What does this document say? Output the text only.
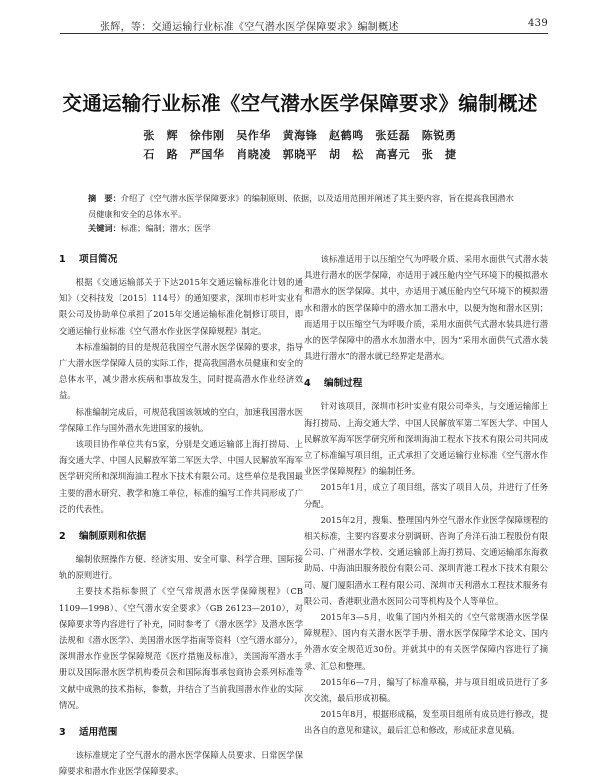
张辉，等：交通运输行业标准《空气潜水医学保障要求》编制概述	439
交通运输行业标准《空气潜水医学保障要求》编制概述
张　辉　徐伟刚　吴作华　黄海锋　赵鹤鸣　张廷磊　陈锐勇
石　路　严国华　肖晓凌　郭晓平　胡　松　高喜元　张　捷
摘　要：介绍了《空气潜水医学保障要求》的编制原则、依据，以及适用范围并阐述了其主要内容，旨在提高我国潜水员健康和安全的总体水平。
关键词：标准；编制；潜水；医学
1 项目简况

根据《交通运输部关于下达2015年交通运输标准化计划的通知》（交科技发〔2015〕114号）的通知要求，深圳市杉叶实业有限公司及协助单位承担了2015年交通运输标准化制修订项目，即交通运输行业标准《空气潜水作业医学保障规程》制定。

本标准编制的目的是规范我国空气潜水医学保障的要求，指导广大潜水医学保障人员的实际工作，提高我国潜水员健康和安全的总体水平，减少潜水疾病和事故发生，同时提高潜水作业经济效益。

标准编制完成后，可规范我国该领域的空白，加速我国潜水医学保障工作与国外潜水先进国家的接轨。

该项目协作单位共有5家，分别是交通运输部上海打捞局、上海交通大学、中国人民解放军第二军医大学、中国人民解放军海军医学研究所和深圳海油工程水下技术有限公司。这些单位是我国最主要的潜水研究、教学和施工单位，标准的编写工作共同形成了广泛的代表性。

2 编制原则和依据

编制依照操作方便、经济实用、安全可靠、科学合理、国际接轨的原则进行。

主要技术指标参照了《空气常规潜水医学保障规程》（CB 1109—1998）、《空气潜水安全要求》（GB 26123—2010），对保障要求等内容进行了补充，同时参考了《潜水医学》及潜水医学法规和《潜水医学》、美国潜水医学指南等资料（空气潜水部分），深圳潜水作业医学保障规范《医疗措施及标准》，美国海军潜水手册以及国际潜水医学机构委员会和国际海事承包商协会系列标准等文献中成熟的技术指标，参数，并结合了当前我国潜水作业的实际情况。

3 适用范围

该标准规定了空气潜水的潜水医学保障人员要求、日常医学保障要求和潜水作业医学保障要求。

该标准适用于以压缩空气为呼吸介质、采用水面供气式潜水装具进行潜水的医学保障，亦适用于减压舱内空气环境下的模拟潜水和潜水的医学保障。其中，亦适用于减压舱内空气环境下的模拟潜水和潜水的医学保障中的潜水加工潜水中，以便为饱和潜水区别；而适用于以压缩空气为呼吸介质，采用水面供气式潜水装具进行潜水的医学保障中的潜水水加潜水中，因为“采用水面供气式潜水装具进行潜水”的潜水就已经界定是潜水。

4 编制过程

针对该项目，深圳市杉叶实业有限公司牵头，与交通运输部上海打捞局、上海交通大学、中国人民解放军第二军医大学、中国人民解放军海军医学研究所和深圳海油工程水下技术有限公司共同成立了标准编写项目组，正式承担了交通运输行业标准《空气潜水作业医学保障规程》的编制任务。

2015年1月，成立了项目组，落实了项目人员，并进行了任务分配。

2015年2月，搜集、整理国内外空气潜水作业医学保障规程的相关标准，主要内容要求分别调研、咨询了舟洋石油工程股份有限公司、广州潜水学校、交通运输部上海打捞局、交通运输部东海救助局、中海油田服务股份有限公司、深圳青港工程水下技术有限公司、厦门厦阳潜水工程有限公司、深圳市天利潜水工程技术服务有限公司、香港职业潜水医同公司等机构及个人等单位。

2015年3—5月，收集了国内外相关的《空气常规潜水医学保障规程》、国内有关潜水医学手册、潜水医学保障学术论文、国内外潜水安全规范近30份。并就其中的有关医学保障内容进行了摘录、汇总和整理。

2015年6—7月，编写了标准草稿，并与项目组成员进行了多次交流，最后形成初稿。

2015年8月，根据形成稿，发至项目组所有成员进行修改，提出各自的意见和建议，最后汇总和修改，形成征求意见稿。
